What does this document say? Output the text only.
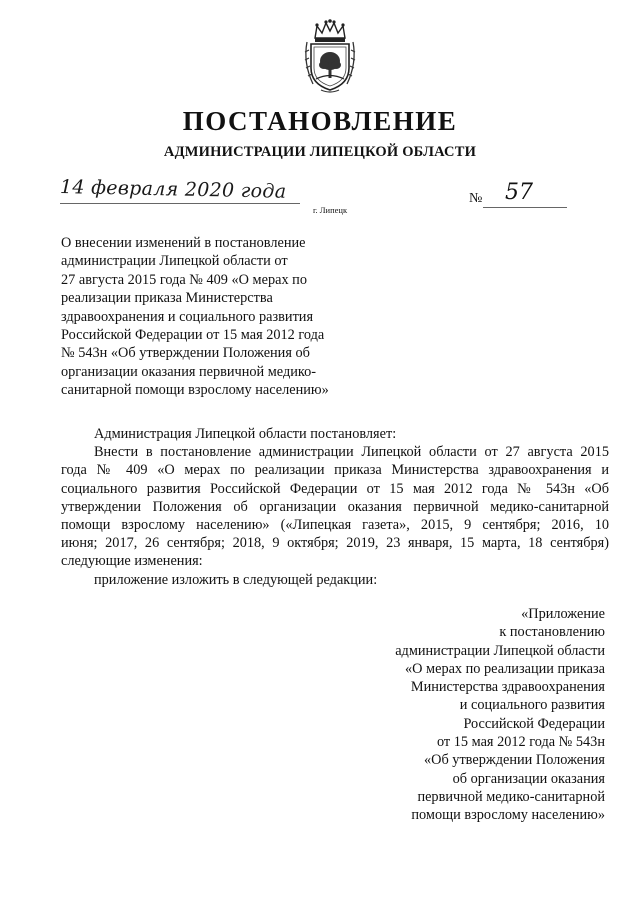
ПОСТАНОВЛЕНИЕ
АДМИНИСТРАЦИИ ЛИПЕЦКОЙ ОБЛАСТИ
14 февраля 2020 года
г. Липецк
№ 57
О внесении изменений в постановление
администрации Липецкой области от
27 августа 2015 года № 409 «О мерах по
реализации приказа Министерства
здравоохранения и социального развития
Российской Федерации от 15 мая 2012 года
№ 543н «Об утверждении Положения об
организации оказания первичной медико-
санитарной помощи взрослому населению»
Администрация Липецкой области постановляет:
Внести в постановление администрации Липецкой области от 27 августа 2015
года № 409 «О мерах по реализации приказа Министерства здравоохранения и
социального развития Российской Федерации от 15 мая 2012 года № 543н «Об
утверждении Положения об организации оказания первичной медико-санитарной
помощи взрослому населению» («Липецкая газета», 2015, 9 сентября; 2016, 10
июня; 2017, 26 сентября; 2018, 9 октября; 2019, 23 января, 15 марта, 18 сентября)
следующие изменения:
приложение изложить в следующей редакции:
«Приложение
к постановлению
администрации Липецкой области
«О мерах по реализации приказа
Министерства здравоохранения
и социального развития
Российской Федерации
от 15 мая 2012 года № 543н
«Об утверждении Положения
об организации оказания
первичной медико-санитарной
помощи взрослому населению»
